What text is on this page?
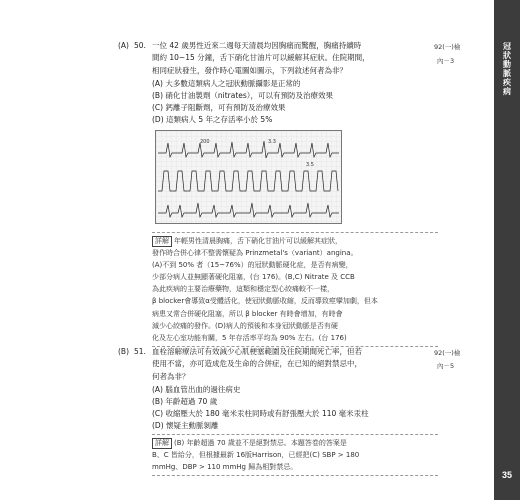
冠狀動脈疾病
35
(A) 50. 一位 42 歲男性近來二週每天清晨均因胸痛而驚醒，胸痛持續時
間約 10~15 分鐘，舌下硝化甘油片可以緩解其症狀。住院期間，
相同症狀發生，發作時心電圖如圖示，下列敘述何者為非？
92(一)檢
內－3
(A) 大多數這類病人之冠狀動脈攝影是正常的
(B) 硝化甘油製劑（nitrates），可以有預防及治療效果
(C) 鈣離子阻斷劑，可有預防及治療效果
(D) 這類病人 5 年之存活率小於 5%
200	3.3
3.5
詳解 年輕男性清晨胸痛，舌下硝化甘油片可以緩解其症狀，
發作時合併心律不整需懷疑為 Prinzmetal's（variant）angina。
(A)不到 50% 者（15~76%）的冠狀動脈硬化症，是否有病變，
少部分病人並無顯著硬化阻塞，(台 176)。(B,C) Nitrate 及 CCB
為此疾病的主要治療藥物，這類和穩定型心絞痛較不一樣，
β blocker會導致α受體活化，使冠狀動脈收縮，反而導致痙攣加劇，但本
病患又常合併硬化阻塞，所以 β blocker 有時會增加，有時會
減少心絞痛的發作。(D)病人的預後和本身冠狀動脈是否有硬
化及左心室功能有關，5 年存活率平均為 90% 左右。(台 176)
(B) 51. 血栓溶解療法可有效減少心肌梗塞範圍及住院期間死亡率，但若
使用不當，亦可造成危及生命的合併症，在已知的絕對禁忌中，
何者為非？
92(一)檢
內－5
(A) 腦血管出血的過往病史
(B) 年齡超過 70 歲
(C) 收縮壓大於 180 毫米汞柱同時或有舒張壓大於 110 毫米汞柱
(D) 懷疑主動脈剝離
詳解 (B) 年齡超過 70 歲並不是絕對禁忌。本題答卷的答案是
B、C 皆給分，但根據最新 16版Harrison，已經把(C) SBP > 180
mmHg、DBP > 110 mmHg 歸為相對禁忌。
